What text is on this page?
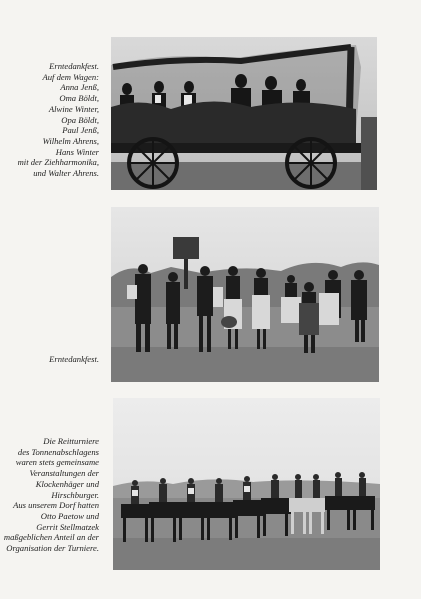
Erntedankfest.
Auf dem Wagen:
Anna Jenß,
Oma Böldt,
Alwine Winter,
Opa Böldt,
Paul Jenß,
Wilhelm Ahrens,
Hans Winter
mit der Ziehharmonika,
und Walter Ahrens.
Erntedankfest.
Die Reitturniere
des Tonnenabschlagens
waren stets gemeinsame
Veranstaltungen der
Klockenhäger und
Hirschburger.
Aus unserem Dorf hatten
Otto Paetow und
Gerrit Stellmatzek
maßgeblichen Anteil an der
Organisation der Turniere.
